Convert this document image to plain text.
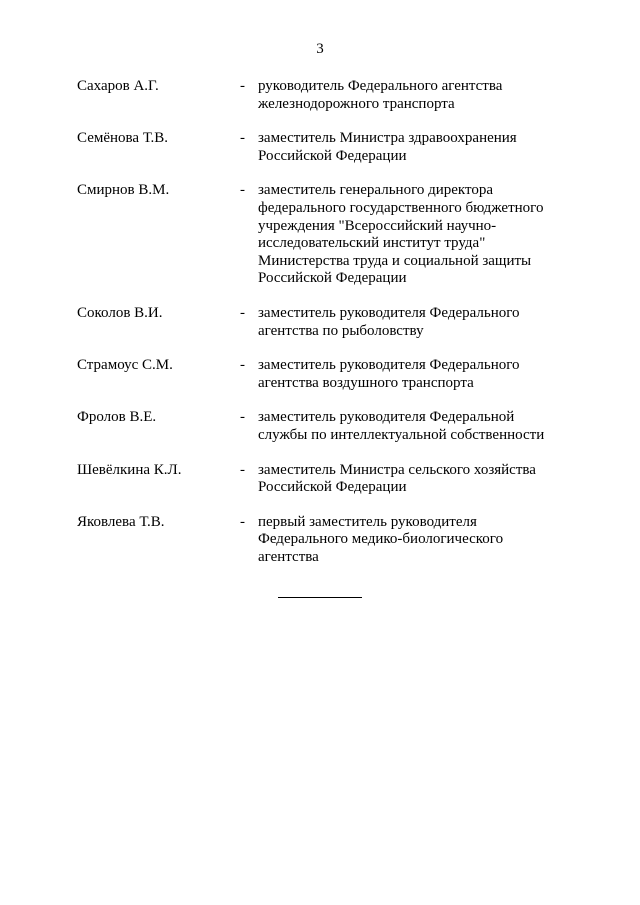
3
Сахаров А.Г.	- руководитель Федерального агентства
железнодорожного транспорта
Семёнова Т.В.	- заместитель Министра здравоохранения
Российской Федерации
Смирнов В.М.	- заместитель генерального директора
федерального государственного бюджетного
учреждения "Всероссийский научно-
исследовательский институт труда"
Министерства труда и социальной защиты
Российской Федерации
Соколов В.И.	- заместитель руководителя Федерального
агентства по рыболовству
Страмоус С.М.	- заместитель руководителя Федерального
агентства воздушного транспорта
Фролов В.Е.	- заместитель руководителя Федеральной
службы по интеллектуальной собственности
Шевёлкина К.Л.	- заместитель Министра сельского хозяйства
Российской Федерации
Яковлева Т.В.	- первый заместитель руководителя
Федерального медико-биологического
агентства
